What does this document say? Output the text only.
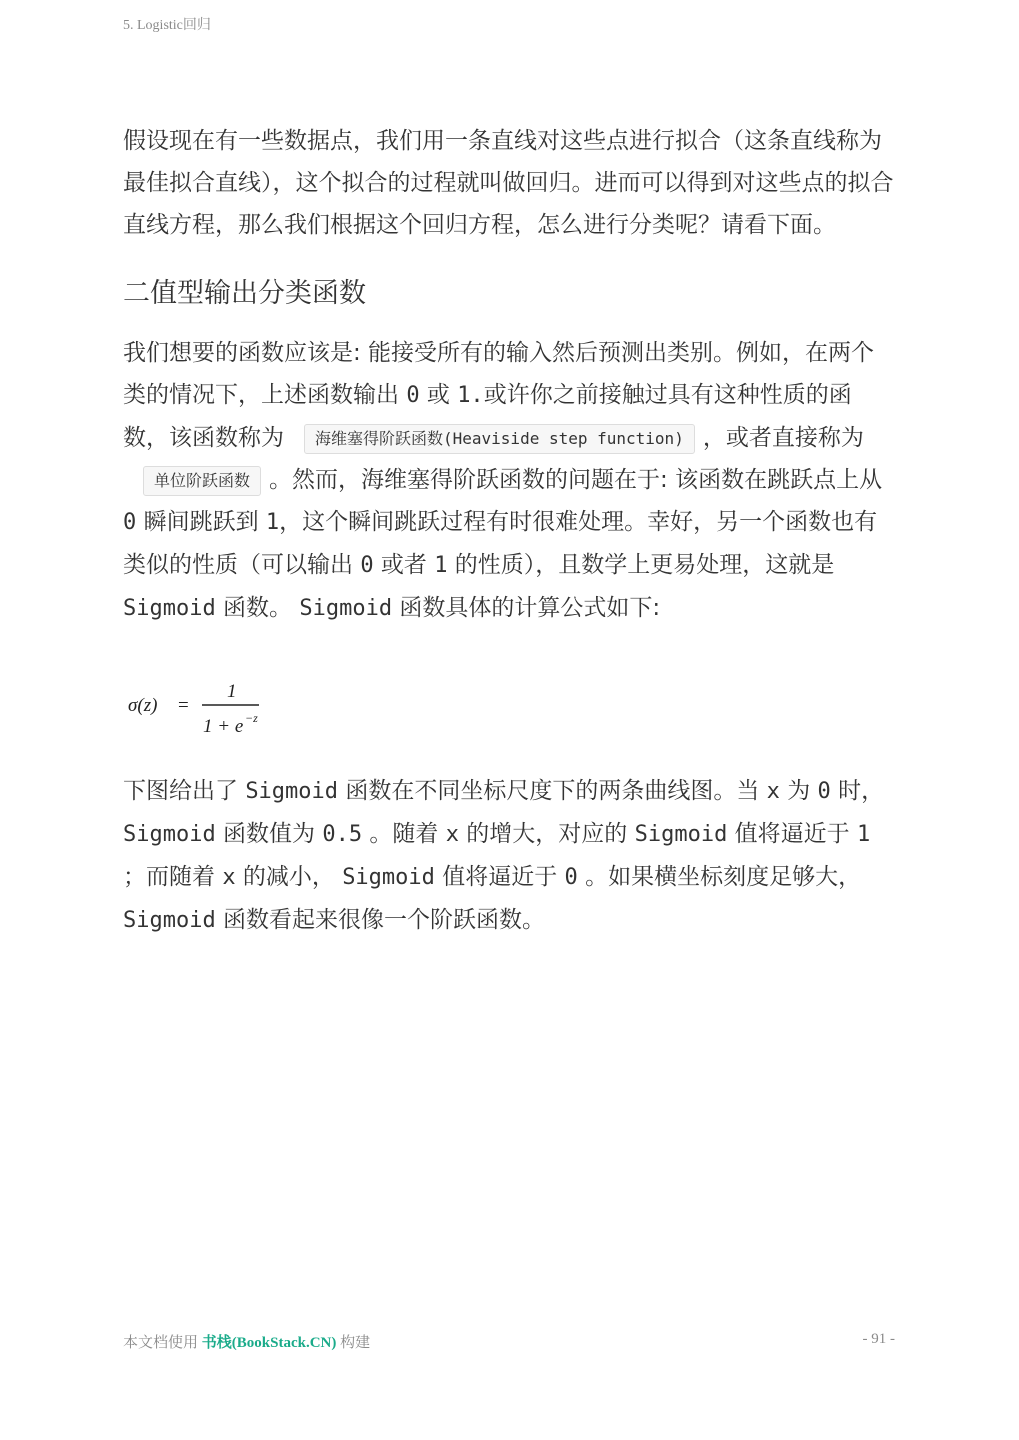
5. Logistic回归

假设现在有一些数据点，我们用一条直线对这些点进行拟合（这条直线称为最佳拟合直线），这个拟合的过程就叫做回归。进而可以得到对这些点的拟合直线方程，那么我们根据这个回归方程，怎么进行分类呢？请看下面。

二值型输出分类函数

我们想要的函数应该是: 能接受所有的输入然后预测出类别。例如，在两个类的情况下，上述函数输出 0 或 1.或许你之前接触过具有这种性质的函数，该函数称为 海维塞得阶跃函数(Heaviside step function) ，或者直接称为单位阶跃函数 。然而，海维塞得阶跃函数的问题在于: 该函数在跳跃点上从 0 瞬间跳跃到 1，这个瞬间跳跃过程有时很难处理。幸好，另一个函数也有类似的性质（可以输出 0 或者 1 的性质），且数学上更易处理，这就是 Sigmoid 函数。 Sigmoid 函数具体的计算公式如下:

σ(z) =
1
1 + e −z

下图给出了 Sigmoid 函数在不同坐标尺度下的两条曲线图。当 x 为 0 时，Sigmoid 函数值为 0.5 。随着 x 的增大，对应的 Sigmoid 值将逼近于 1 ；而随着 x 的减小， Sigmoid 值将逼近于 0 。如果横坐标刻度足够大， Sigmoid 函数看起来很像一个阶跃函数。

本文档使用 书栈(BookStack.CN) 构建	- 91 -
